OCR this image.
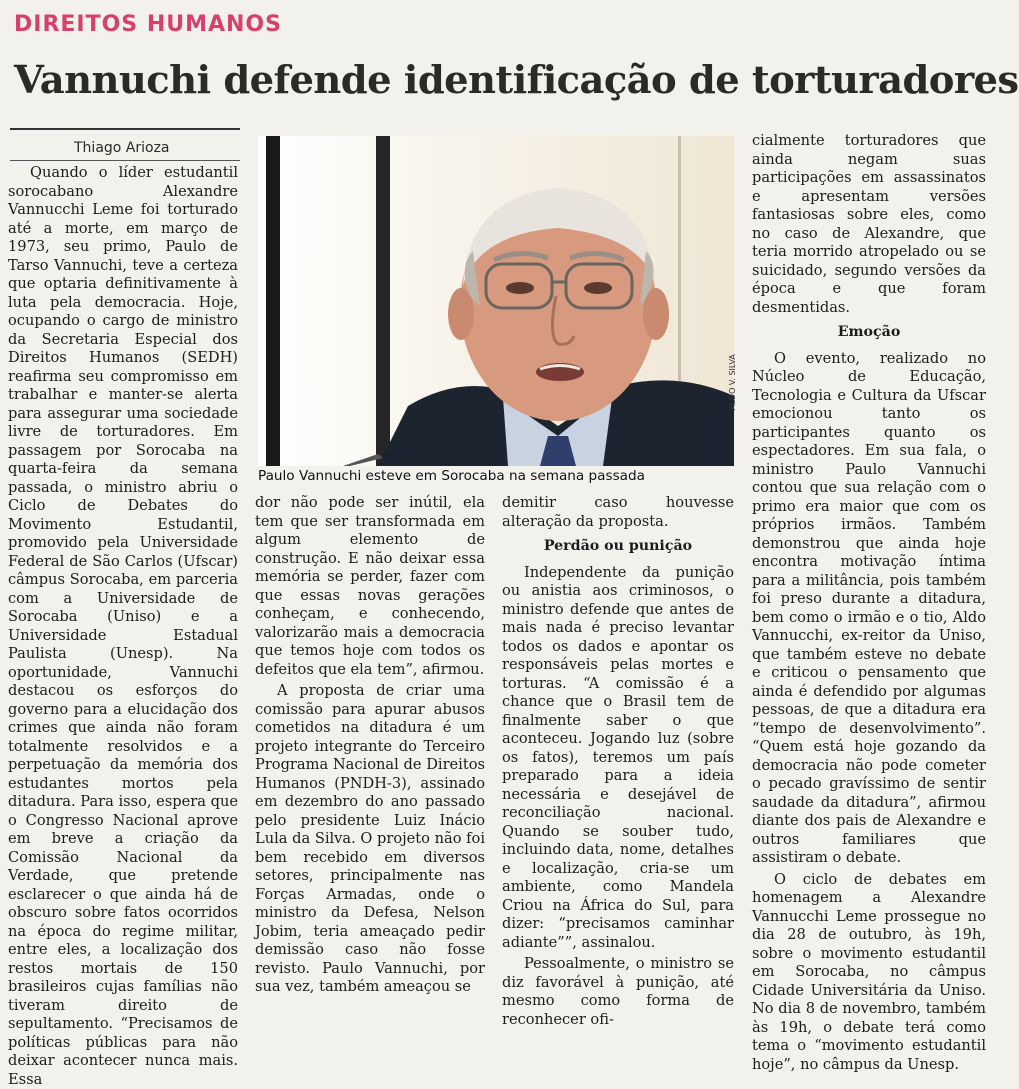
DIREITOS HUMANOS
Vannuchi defende identificação de torturadores
Thiago Arioza

Quando o líder estudantil sorocabano Alexandre Vannucchi Leme foi torturado até a morte, em março de 1973, seu primo, Paulo de Tarso Vannuchi, teve a certeza que optaria definitivamente à luta pela democracia. Hoje, ocupando o cargo de ministro da Secretaria Especial dos Direitos Humanos (SEDH) reafirma seu compromisso em trabalhar e manter-se alerta para assegurar uma sociedade livre de torturadores. Em passagem por Sorocaba na quarta-feira da semana passada, o ministro abriu o Ciclo de Debates do Movimento Estudantil, promovido pela Universidade Federal de São Carlos (Ufscar) câmpus Sorocaba, em parceria com a Universidade de Sorocaba (Uniso) e a Universidade Estadual Paulista (Unesp). Na oportunidade, Vannuchi destacou os esforços do governo para a elucidação dos crimes que ainda não foram totalmente resolvidos e a perpetuação da memória dos estudantes mortos pela ditadura. Para isso, espera que o Congresso Nacional aprove em breve a criação da Comissão Nacional da Verdade, que pretende esclarecer o que ainda há de obscuro sobre fatos ocorridos na época do regime militar, entre eles, a localização dos restos mortais de 150 brasileiros cujas famílias não tiveram direito de sepultamento. “Precisamos de políticas públicas para não deixar acontecer nunca mais. Essa

ALDO V. SILVA
Paulo Vannuchi esteve em Sorocaba na semana passada

dor não pode ser inútil, ela tem que ser transformada em algum elemento de construção. E não deixar essa memória se perder, fazer com que essas novas gerações conheçam, e conhecendo, valorizarão mais a democracia que temos hoje com todos os defeitos que ela tem”, afirmou.

A proposta de criar uma comissão para apurar abusos cometidos na ditadura é um projeto integrante do Terceiro Programa Nacional de Direitos Humanos (PNDH-3), assinado em dezembro do ano passado pelo presidente Luiz Inácio Lula da Silva. O projeto não foi bem recebido em diversos setores, principalmente nas Forças Armadas, onde o ministro da Defesa, Nelson Jobim, teria ameaçado pedir demissão caso não fosse revisto. Paulo Vannuchi, por sua vez, também ameaçou se

demitir caso houvesse alteração da proposta.

Perdão ou punição

Independente da punição ou anistia aos criminosos, o ministro defende que antes de mais nada é preciso levantar todos os dados e apontar os responsáveis pelas mortes e torturas. “A comissão é a chance que o Brasil tem de finalmente saber o que aconteceu. Jogando luz (sobre os fatos), teremos um país preparado para a ideia necessária e desejável de reconciliação nacional. Quando se souber tudo, incluindo data, nome, detalhes e localização, cria-se um ambiente, como Mandela Criou na África do Sul, para dizer: “precisamos caminhar adiante””, assinalou.

Pessoalmente, o ministro se diz favorável à punição, até mesmo como forma de reconhecer ofi-

cialmente torturadores que ainda negam suas participações em assassinatos e apresentam versões fantasiosas sobre eles, como no caso de Alexandre, que teria morrido atropelado ou se suicidado, segundo versões da época e que foram desmentidas.

Emoção

O evento, realizado no Núcleo de Educação, Tecnologia e Cultura da Ufscar emocionou tanto os participantes quanto os espectadores. Em sua fala, o ministro Paulo Vannuchi contou que sua relação com o primo era maior que com os próprios irmãos. Também demonstrou que ainda hoje encontra motivação íntima para a militância, pois também foi preso durante a ditadura, bem como o irmão e o tio, Aldo Vannucchi, ex-reitor da Uniso, que também esteve no debate e criticou o pensamento que ainda é defendido por algumas pessoas, de que a ditadura era “tempo de desenvolvimento”. “Quem está hoje gozando da democracia não pode cometer o pecado gravíssimo de sentir saudade da ditadura”, afirmou diante dos pais de Alexandre e outros familiares que assistiram o debate.

O ciclo de debates em homenagem a Alexandre Vannucchi Leme prossegue no dia 28 de outubro, às 19h, sobre o movimento estudantil em Sorocaba, no câmpus Cidade Universitária da Uniso. No dia 8 de novembro, também às 19h, o debate terá como tema o “movimento estudantil hoje”, no câmpus da Unesp.
